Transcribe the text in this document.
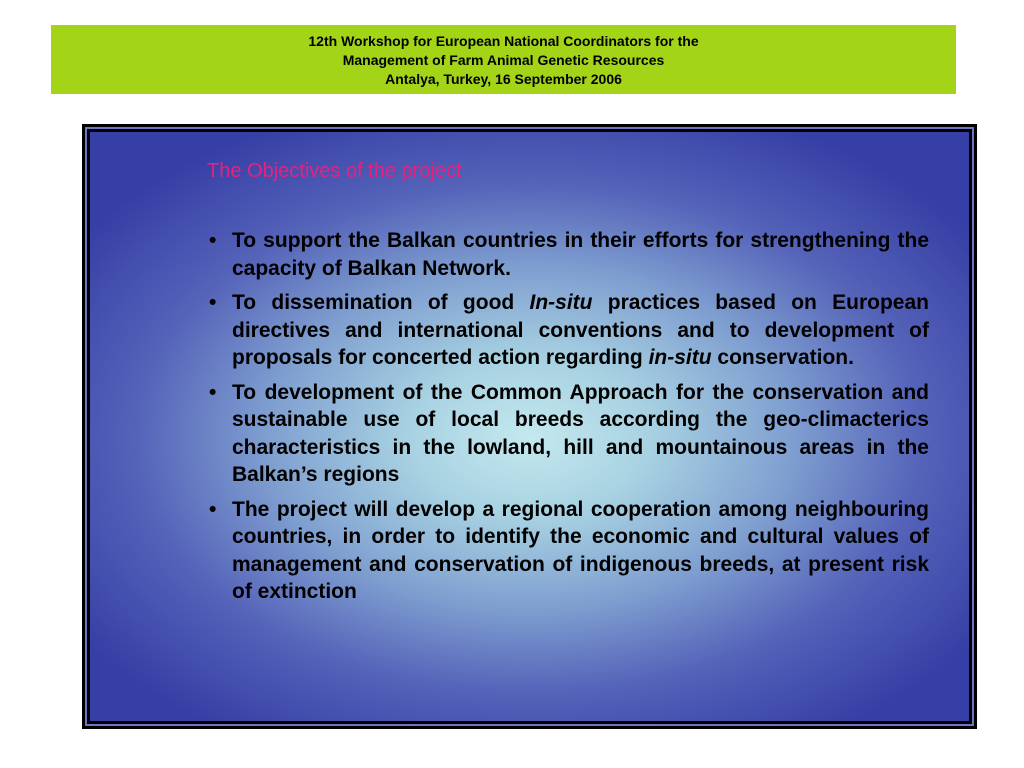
12th Workshop for European National Coordinators for the
Management of Farm Animal Genetic Resources
Antalya, Turkey, 16 September 2006
The Objectives of the project
• To support the Balkan countries in their efforts for strengthening the capacity of Balkan Network.
• To dissemination of good In-situ practices based on European directives and international conventions and to development of proposals for concerted action regarding in-situ conservation.
• To development of the Common Approach for the conservation and sustainable use of local breeds according the geo-climacterics characteristics in the lowland, hill and mountainous areas in the Balkan’s regions
• The project will develop a regional cooperation among neighbouring countries, in order to identify the economic and cultural values of management and conservation of indigenous breeds, at present risk of extinction
